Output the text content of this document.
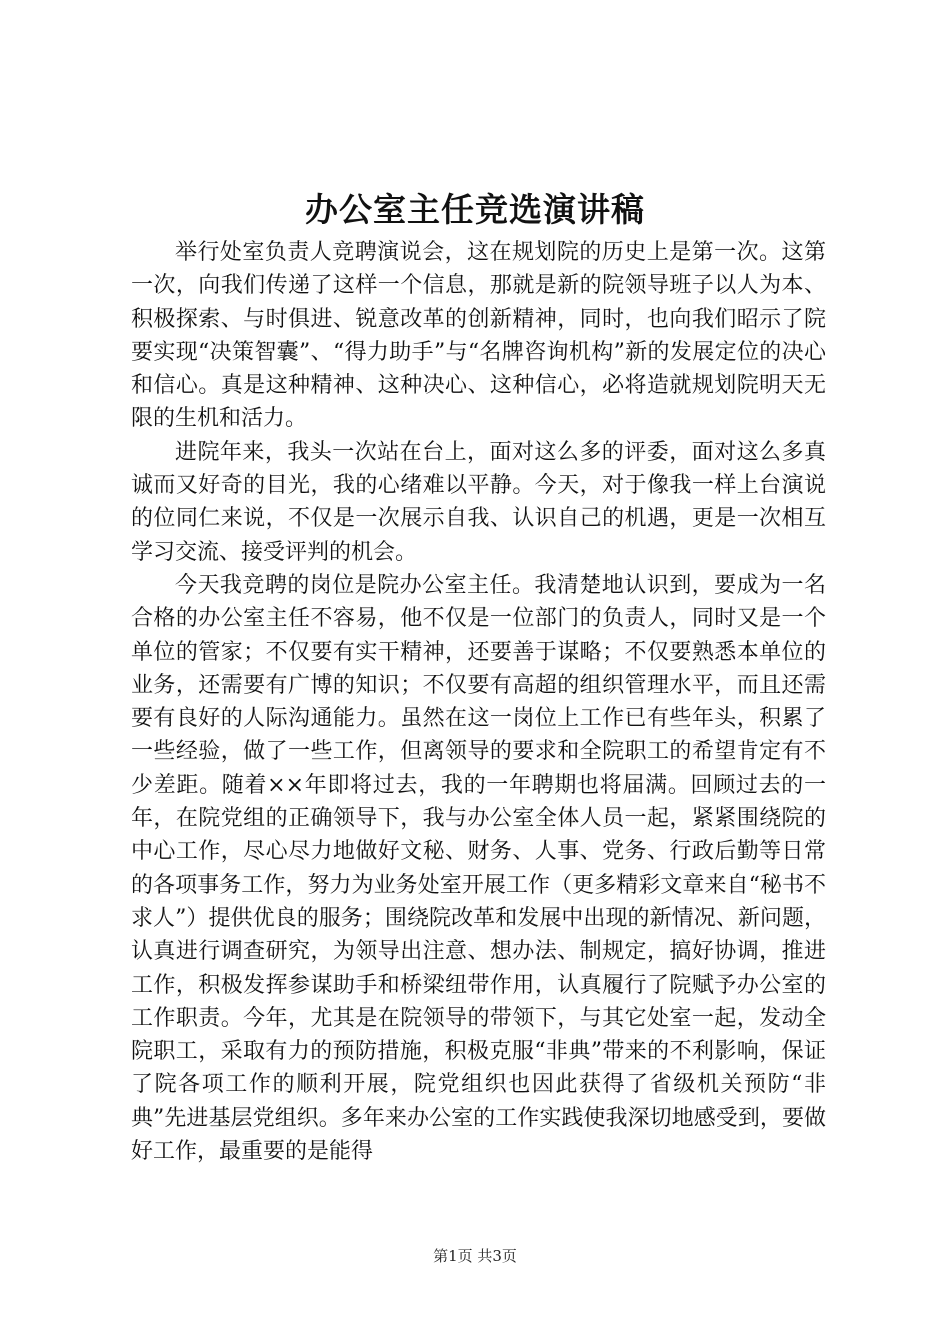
办公室主任竞选演讲稿

举行处室负责人竞聘演说会，这在规划院的历史上是第一次。这第一次，向我们传递了这样一个信息，那就是新的院领导班子以人为本、积极探索、与时俱进、锐意改革的创新精神，同时，也向我们昭示了院要实现“决策智囊”、“得力助手”与“名牌咨询机构”新的发展定位的决心和信心。真是这种精神、这种决心、这种信心，必将造就规划院明天无限的生机和活力。

进院年来，我头一次站在台上，面对这么多的评委，面对这么多真诚而又好奇的目光，我的心绪难以平静。今天，对于像我一样上台演说的位同仁来说，不仅是一次展示自我、认识自己的机遇，更是一次相互学习交流、接受评判的机会。

今天我竞聘的岗位是院办公室主任。我清楚地认识到，要成为一名合格的办公室主任不容易，他不仅是一位部门的负责人，同时又是一个单位的管家；不仅要有实干精神，还要善于谋略；不仅要熟悉本单位的业务，还需要有广博的知识；不仅要有高超的组织管理水平，而且还需要有良好的人际沟通能力。虽然在这一岗位上工作已有些年头，积累了一些经验，做了一些工作，但离领导的要求和全院职工的希望肯定有不少差距。随着××年即将过去，我的一年聘期也将届满。回顾过去的一年，在院党组的正确领导下，我与办公室全体人员一起，紧紧围绕院的中心工作，尽心尽力地做好文秘、财务、人事、党务、行政后勤等日常的各项事务工作，努力为业务处室开展工作（更多精彩文章来自“秘书不求人”）提供优良的服务；围绕院改革和发展中出现的新情况、新问题，认真进行调查研究，为领导出注意、想办法、制规定，搞好协调，推进工作，积极发挥参谋助手和桥梁纽带作用，认真履行了院赋予办公室的工作职责。今年，尤其是在院领导的带领下，与其它处室一起，发动全院职工，采取有力的预防措施，积极克服“非典”带来的不利影响，保证了院各项工作的顺利开展，院党组织也因此获得了省级机关预防“非典”先进基层党组织。多年来办公室的工作实践使我深切地感受到，要做好工作，最重要的是能得

第1页 共3页
